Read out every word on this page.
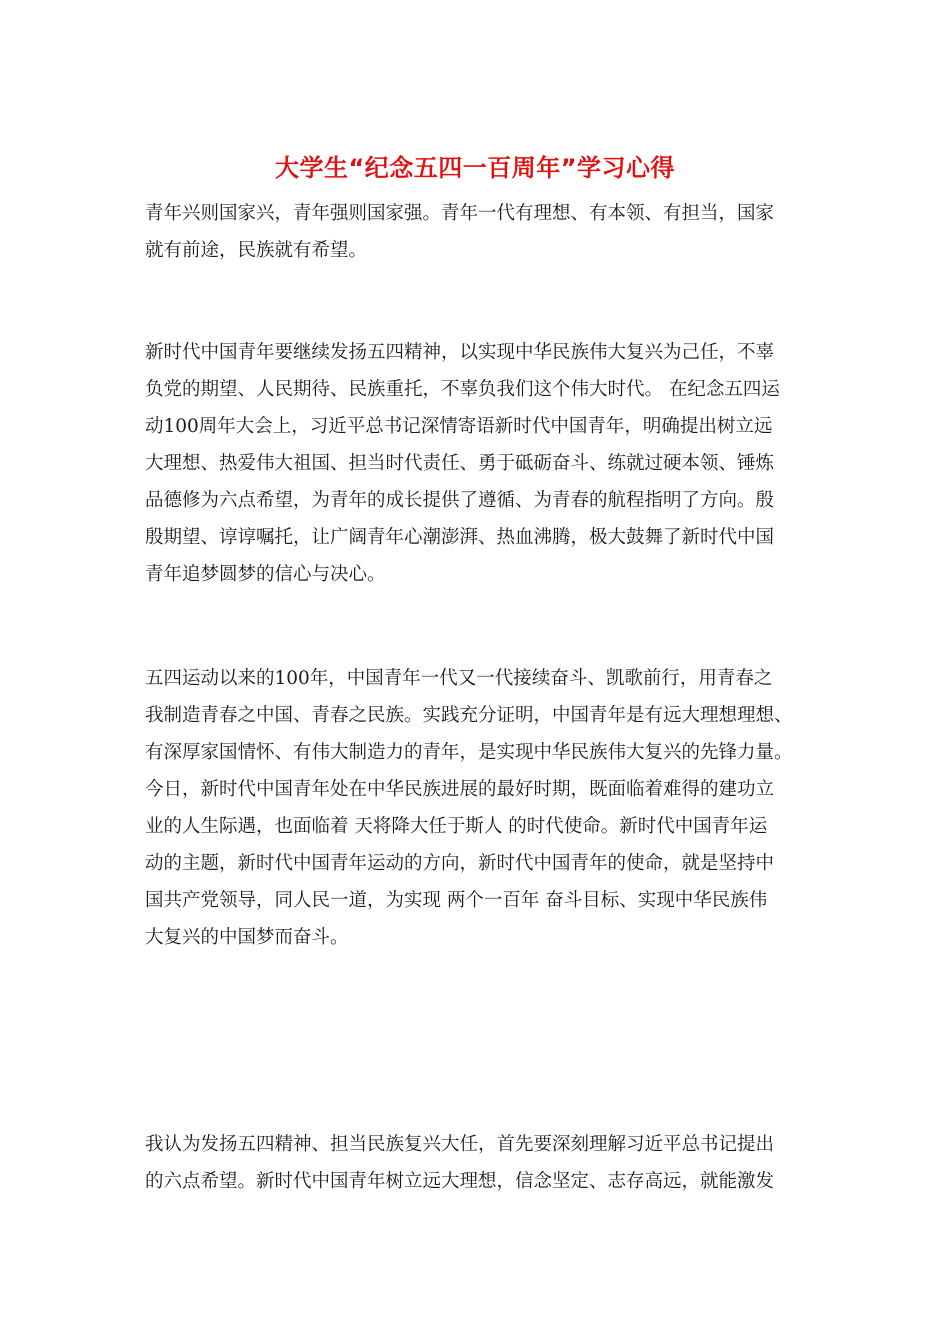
大学生“纪念五四一百周年”学习心得
青年兴则国家兴，青年强则国家强。青年一代有理想、有本领、有担当，国家
就有前途，民族就有希望。
新时代中国青年要继续发扬五四精神，以实现中华民族伟大复兴为己任，不辜
负党的期望、人民期待、民族重托，不辜负我们这个伟大时代。 在纪念五四运
动100周年大会上，习近平总书记深情寄语新时代中国青年，明确提出树立远
大理想、热爱伟大祖国、担当时代责任、勇于砥砺奋斗、练就过硬本领、锤炼
品德修为六点希望，为青年的成长提供了遵循、为青春的航程指明了方向。殷
殷期望、谆谆嘱托，让广阔青年心潮澎湃、热血沸腾，极大鼓舞了新时代中国
青年追梦圆梦的信心与决心。
五四运动以来的100年，中国青年一代又一代接续奋斗、凯歌前行，用青春之
我制造青春之中国、青春之民族。实践充分证明，中国青年是有远大理想理想、
有深厚家国情怀、有伟大制造力的青年，是实现中华民族伟大复兴的先锋力量。
今日，新时代中国青年处在中华民族进展的最好时期，既面临着难得的建功立
业的人生际遇，也面临着 天将降大任于斯人 的时代使命。新时代中国青年运
动的主题，新时代中国青年运动的方向，新时代中国青年的使命，就是坚持中
国共产党领导，同人民一道，为实现 两个一百年 奋斗目标、实现中华民族伟
大复兴的中国梦而奋斗。
我认为发扬五四精神、担当民族复兴大任，首先要深刻理解习近平总书记提出
的六点希望。新时代中国青年树立远大理想，信念坚定、志存高远，就能激发
